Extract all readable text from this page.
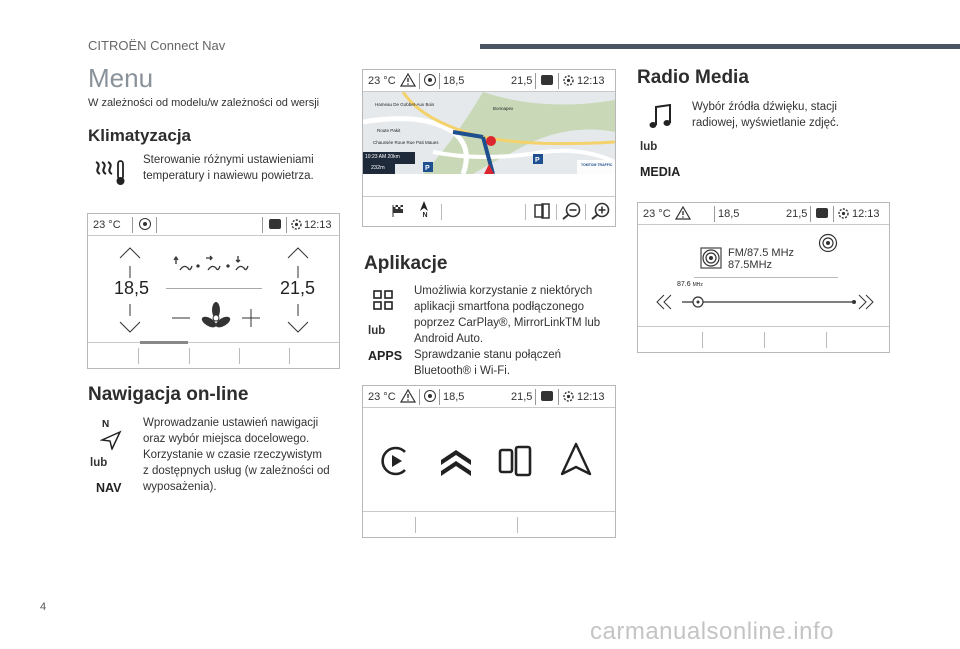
CITROËN Connect Nav
Menu
W zależności od modelu/w zależności od wersji
Klimatyzacja
Sterowanie różnymi ustawieniami
temperatury i nawiewu powietrza.
23 °C	12:13
18,5	21,5
Nawigacja on-line
N
lub
NAV
Wprowadzanie ustawień nawigacji
oraz wybór miejsca docelowego.
Korzystanie w czasie rzeczywistym
z dostępnych usług (w zależności od
wyposażenia).
23 °C	18,5	21,5	12:13
P
P
Hameau De Gobbet-Aux Bois
Bonnapex
Route Pakit
Chaussée Roue Rue Pati Maues
10:23 AM 20km
232m	TOMTOM TRAFFIC
N
Aplikacje
lub
APPS
Umożliwia korzystanie z niektórych
aplikacji smartfona podłączonego
poprzez CarPlay®, MirrorLinkTM lub
Android Auto.
Sprawdzanie stanu połączeń
Bluetooth® i Wi-Fi.
23 °C	18,5	21,5	12:13
Radio Media
lub
MEDIA
Wybór źródła dźwięku, stacji
radiowej, wyświetlanie zdjęć.
23 °C	18,5	21,5	12:13
FM/87.5 MHz
87.5MHz
87.6 MHz
4
carmanualsonline.info
